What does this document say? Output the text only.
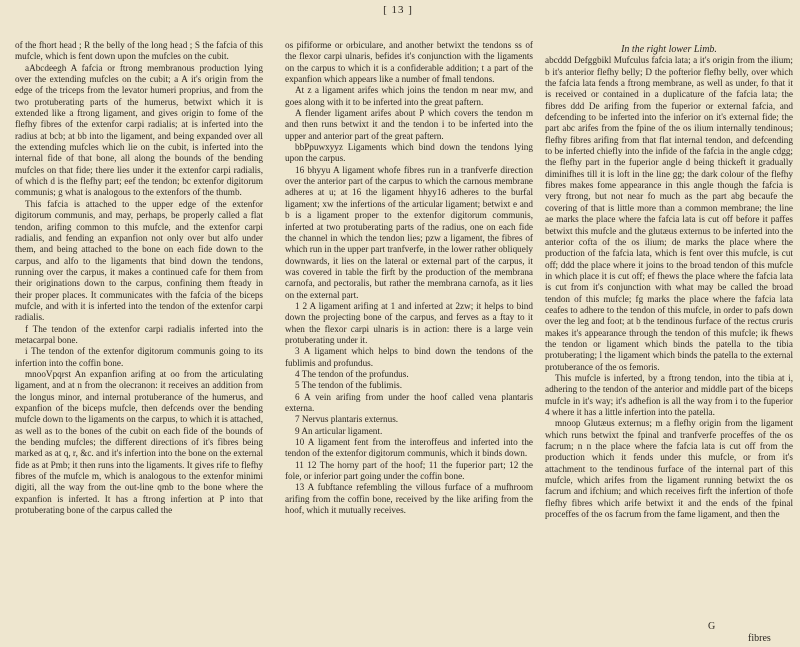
[ 13 ]

of the fhort head ; R the belly of the long head ; S the fafcia of this mufcle, which is fent down upon the mufcles on the cubit.

aAbcdeegh A fafcia or ftrong membranous production lying over the extending mufcles on the cubit; a A it's origin from the edge of the triceps from the levator humeri proprius, and from the two protuberating parts of the humerus, betwixt which it is extended like a ftrong ligament, and gives origin to fome of the flefhy fibres of the extenfor carpi radialis; at is inferted into the radius at bcb; at bb into the ligament, and being expanded over all the extending mufcles which lie on the cubit, is inferted into the internal fide of that bone, all along the bounds of the bending mufcles on that fide; there lies under it the extenfor carpi radialis, of which d is the flefhy part; eef the tendon; bc extenfor digitorum communis; g what is analogous to the extenfors of the thumb.

This fafcia is attached to the upper edge of the extenfor digitorum communis, and may, perhaps, be properly called a flat tendon, arifing common to this mufcle, and the extenfor carpi radialis, and fending an expanfion not only over but alfo under them, and being attached to the bone on each fide down to the carpus, and alfo to the ligaments that bind down the tendons, running over the carpus, it makes a continued cafe for them from their originations down to the carpus, confining them fteady in their proper places. It communicates with the fafcia of the biceps mufcle, and with it is inferted into the tendon of the extenfor carpi radialis.

f The tendon of the extenfor carpi radialis inferted into the metacarpal bone.

i The tendon of the extenfor digitorum communis going to its infertion into the coffin bone.

mnooVpqrst An expanfion arifing at oo from the articulating ligament, and at n from the olecranon: it receives an addition from the longus minor, and internal protuberance of the humerus, and expanfion of the biceps mufcle, then defcends over the bending mufcle down to the ligaments on the carpus, to which it is attached, as well as to the bones of the cubit on each fide of the bounds of the bending mufcles; the different directions of it's fibres being marked as at q, r, &c. and it's infertion into the bone on the external fide as at Pmb; it then runs into the ligaments. It gives rife to flefhy fibres of the mufcle m, which is analogous to the extenfor minimi digiti, all the way from the out-line qmb to the bone where the expanfion is inferted. It has a ftrong infertion at P into that protuberating bone of the carpus called the

os pififorme or orbiculare, and another betwixt the tendons ss of the flexor carpi ulnaris, befides it's conjunction with the ligaments on the carpus to which it is a confiderable addition; t a part of the expanfion which appears like a number of fmall tendons.

At z a ligament arifes which joins the tendon m near mw, and goes along with it to be inferted into the great paftern.

A flender ligament arifes about P which covers the tendon m and then runs betwixt it and the tendon i to be inferted into the upper and anterior part of the great paftern.

bbPpuwxyyz Ligaments which bind down the tendons lying upon the carpus.

16 bhyyu A ligament whofe fibres run in a tranfverfe direction over the anterior part of the carpus to which the carnous membrane adheres at u; at 16 the ligament hhyy16 adheres to the burfal ligament; xw the infertions of the articular ligament; betwixt e and b is a ligament proper to the extenfor digitorum communis, inferted at two protuberating parts of the radius, one on each fide the channel in which the tendon lies; pzw a ligament, the fibres of which run in the upper part tranfverfe, in the lower rather obliquely downwards, it lies on the lateral or external part of the carpus, it was covered in table the firft by the production of the membrana carnofa, and pectoralis, but rather the membrana carnofa, as it lies on the external part.

1 2 A ligament arifing at 1 and inferted at 2zw; it helps to bind down the projecting bone of the carpus, and ferves as a ftay to it when the flexor carpi ulnaris is in action: there is a large vein protuberating under it.

3 A ligament which helps to bind down the tendons of the fublimis and profundus.

4 The tendon of the profundus.

5 The tendon of the fublimis.

6 A vein arifing from under the hoof called vena plantaris externa.

7 Nervus plantaris externus.

9 An articular ligament.

10 A ligament fent from the interoffeus and inferted into the tendon of the extenfor digitorum communis, which it binds down.

11 12 The horny part of the hoof; 11 the fuperior part; 12 the fole, or inferior part going under the coffin bone.

13 A fubftance refembling the villous furface of a mufhroom arifing from the coffin bone, received by the like arifing from the hoof, which it mutually receives.

In the right lower Limb.

abcddd Defggbikl Mufculus fafcia lata; a it's origin from the ilium; b it's anterior flefhy belly; D the pofterior flefhy belly, over which the fafcia lata fends a ftrong membrane, as well as under, fo that it is received or contained in a duplicature of the fafcia lata; the fibres ddd De arifing from the fuperior or external fafcia, and defcending to be inferted into the inferior on it's external fide; the part abc arifes from the fpine of the os ilium internally tendinous; flefhy fibres arifing from that flat internal tendon, and defcending to be inferted chiefly into the infide of the fafcia in the angle cdgg; the flefhy part in the fuperior angle d being thickeft it gradually diminifhes till it is loft in the line gg; the dark colour of the flefhy fibres makes fome appearance in this angle though the fafcia is very ftrong, but not near fo much as the part abg becaufe the covering of that is little more than a common membrane; the line ae marks the place where the fafcia lata is cut off before it paffes betwixt this mufcle and the glutæus externus to be inferted into the anterior cofta of the os ilium; de marks the place where the production of the fafcia lata, which is fent over this mufcle, is cut off; ddd the place where it joins to the broad tendon of this mufcle in which place it is cut off; ef fhews the place where the fafcia lata is cut from it's conjunction with what may be called the broad tendon of this mufcle; fg marks the place where the fafcia lata ceafes to adhere to the tendon of this mufcle, in order to pafs down over the leg and foot; at b the tendinous furface of the rectus cruris makes it's appearance through the tendon of this mufcle; ik fhews the tendon or ligament which binds the patella to the tibia protuberating; l the ligament which binds the patella to the external protuberance of the os femoris.

This mufcle is inferted, by a ftrong tendon, into the tibia at i, adhering to the tendon of the anterior and middle part of the biceps mufcle in it's way; it's adhefion is all the way from i to the fuperior 4 where it has a little infertion into the patella.

mnoop Glutæus externus; m a flefhy origin from the ligament which runs betwixt the fpinal and tranfverfe proceffes of the os facrum; n n the place where the fafcia lata is cut off from the production which it fends under this mufcle, or from it's attachment to the tendinous furface of the internal part of this mufcle, which arifes from the ligament running betwixt the os facrum and ifchium; and which receives firft the infertion of thofe flefhy fibres which arife betwixt it and the ends of the fpinal proceffes of the os facrum from the fame ligament, and then the

G
fibres
